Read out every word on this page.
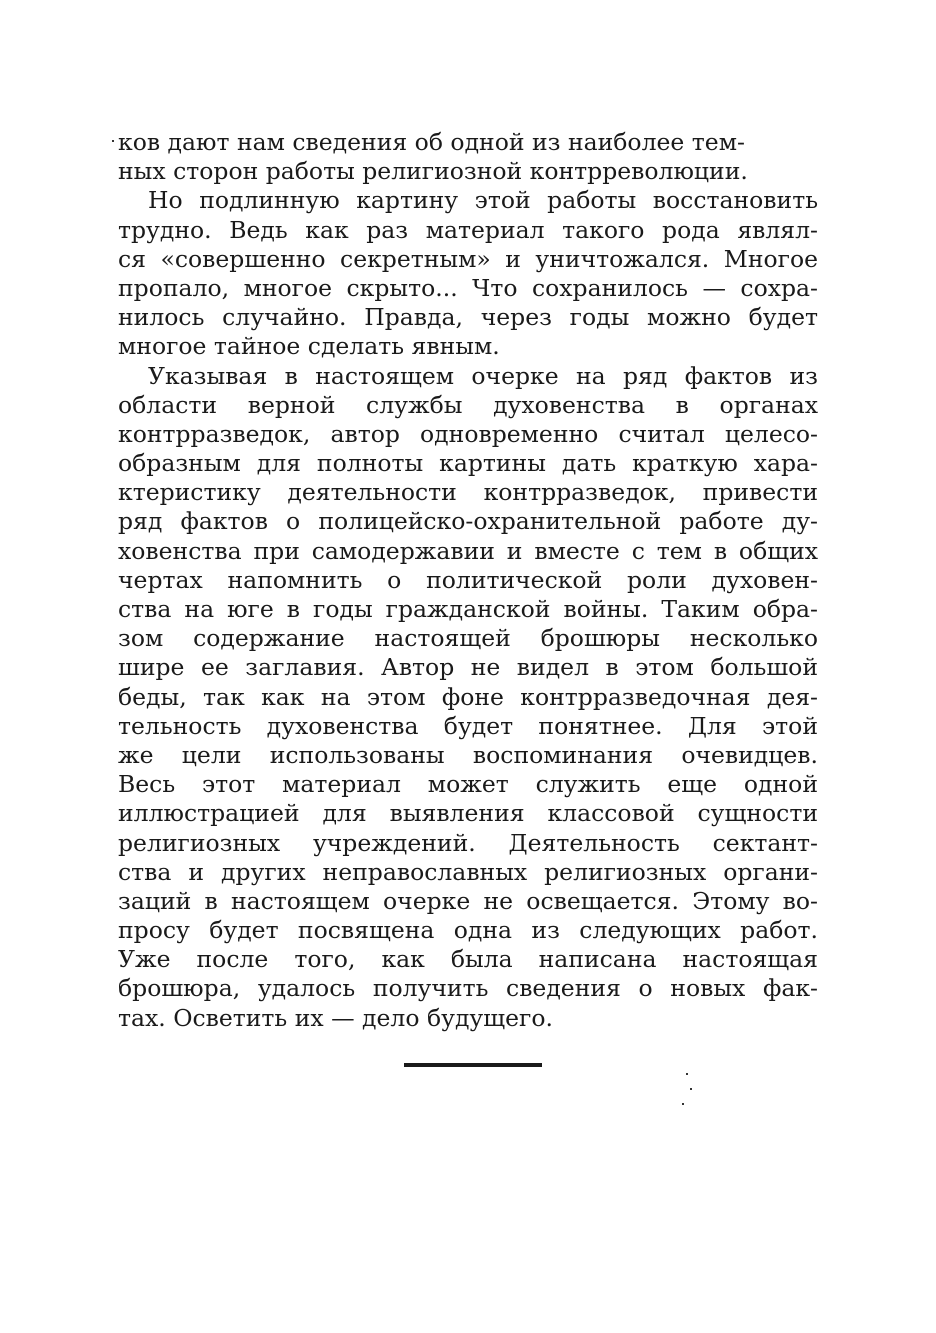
ков дают нам сведения об одной из наиболее тем-
ных сторон работы религиозной контрреволюции.
Но подлинную картину этой работы восстановить
трудно. Ведь как раз материал такого рода являл-
ся «совершенно секретным» и уничтожался. Многое
пропало, многое скрыто... Что сохранилось — сохра-
нилось случайно. Правда, через годы можно будет
многое тайное сделать явным.
Указывая в настоящем очерке на ряд фактов из
области верной службы духовенства в органах
контрразведок, автор одновременно считал целесо-
образным для полноты картины дать краткую хара-
ктеристику деятельности контрразведок, привести
ряд фактов о полицейско-охранительной работе ду-
ховенства при самодержавии и вместе с тем в общих
чертах напомнить о политической роли духовен-
ства на юге в годы гражданской войны. Таким обра-
зом содержание настоящей брошюры несколько
шире ее заглавия. Автор не видел в этом большой
беды, так как на этом фоне контрразведочная дея-
тельность духовенства будет понятнее. Для этой
же цели использованы воспоминания очевидцев.
Весь этот материал может служить еще одной
иллюстрацией для выявления классовой сущности
религиозных учреждений. Деятельность сектант-
ства и других неправославных религиозных органи-
заций в настоящем очерке не освещается. Этому во-
просу будет посвящена одна из следующих работ.
Уже после того, как была написана настоящая
брошюра, удалось получить сведения о новых фак-
тах. Осветить их — дело будущего.
